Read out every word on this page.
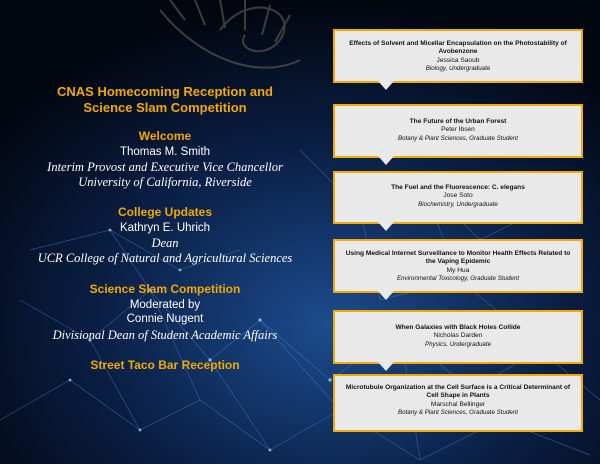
CNAS Homecoming Reception and
Science Slam Competition
Welcome
Thomas M. Smith
Interim Provost and Executive Vice Chancellor
University of California, Riverside
College Updates
Kathryn E. Uhrich
Dean
UCR College of Natural and Agricultural Sciences
Science Slam Competition
Moderated by
Connie Nugent
Divisional Dean of Student Academic Affairs
Street Taco Bar Reception
Effects of Solvent and Micellar Encapsulation on the Photostability of Avobenzone
Jessica Saoub
Biology, Undergraduate
The Future of the Urban Forest
Peter Ibsen
Botany & Plant Sciences, Graduate Student
The Fuel and the Fluorescence: C. elegans
Jose Soto
Biochemistry, Undergraduate
Using Medical Internet Surveillance to Monitor Health Effects Related to the Vaping Epidemic
My Hua
Environmental Toxicology, Graduate Student
When Galaxies with Black Holes Collide
Nicholas Darden
Physics, Undergraduate
Microtubule Organization at the Cell Surface is a Critical Determinant of Cell Shape in Plants
Marschal Bellinger
Botany & Plant Sciences, Graduate Student
